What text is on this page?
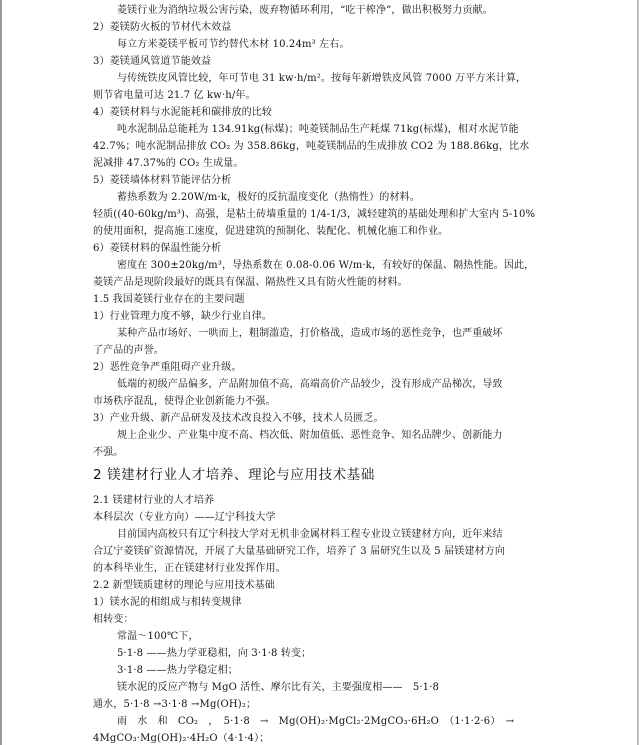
菱镁行业为消纳垃圾公害污染，废弃物循环利用，“吃干榨净”，做出积极努力贡献。
2）菱镁防火板的节材代木效益
每立方米菱镁平板可节约替代木材 10.24m³ 左右。
3）菱镁通风管道节能效益
与传统铁皮风管比较，年可节电 31 kw·h/m²。按每年新增铁皮风管 7000 万平方米计算，
则节省电量可达 21.7 亿 kw·h/年。
4）菱镁材料与水泥能耗和碳排放的比较
吨水泥制品总能耗为 134.91kg(标煤)；吨菱镁制品生产耗煤 71kg(标煤)，相对水泥节能
42.7%；吨水泥制品排放 CO₂ 为 358.86kg，吨菱镁制品的生成排放 CO2 为 188.86kg，比水
泥减排 47.37%的 CO₂ 生成量。
5）菱镁墙体材料节能评估分析
蓄热系数为 2.20W/m·k，极好的反抗温度变化（热惰性）的材料。
轻质((40-60kg/m³)、高强，是粘土砖墙重量的 1/4-1/3，减轻建筑的基础处理和扩大室内 5-10%
的使用面积，提高施工速度，促进建筑的预制化、装配化、机械化施工和作业。
6）菱镁材料的保温性能分析
密度在 300±20kg/m³，导热系数在 0.08-0.06 W/m·k，有较好的保温、隔热性能。因此，
菱镁产品是现阶段最好的既具有保温、隔热性又具有防火性能的材料。
1.5 我国菱镁行业存在的主要问题
1）行业管理力度不够，缺少行业自律。
某种产品市场好、一哄而上，粗制滥造，打价格战，造成市场的恶性竞争，也严重破坏
了产品的声誉。
2）恶性竞争严重阻碍产业升级。
低端的初级产品偏多，产品附加值不高，高端高价产品较少，没有形成产品梯次，导致
市场秩序混乱，使得企业创新能力不强。
3）产业升级、新产品研发及技术改良投入不够，技术人员匮乏。
规上企业少、产业集中度不高、档次低、附加值低、恶性竞争、知名品牌少、创新能力
不强。
2 镁建材行业人才培养、理论与应用技术基础
2.1 镁建材行业的人才培养
本科层次（专业方向）——辽宁科技大学
目前国内高校只有辽宁科技大学对无机非金属材料工程专业设立镁建材方向，近年来结
合辽宁菱镁矿资源情况，开展了大量基础研究工作，培养了 3 届研究生以及 5 届镁建材方向
的本科毕业生，正在镁建材行业发挥作用。
2.2 新型镁质建材的理论与应用技术基础
1）镁水泥的相组成与相转变规律
相转变：
常温～100℃下，
5·1·8 ——热力学亚稳相，向 3·1·8 转变；
3·1·8 ——热力学稳定相；
镁水泥的反应产物与 MgO 活性、摩尔比有关，主要强度相——　5·1·8
通水，5·1·8 →3·1·8 →Mg(OH)₂；
雨　水　和　CO₂　，　5·1·8　→　Mg(OH)₂·MgCl₂·2MgCO₃·6H₂O　（1·1·2·6）　→
4MgCO₃·Mg(OH)₂·4H₂O（4·1·4）；
